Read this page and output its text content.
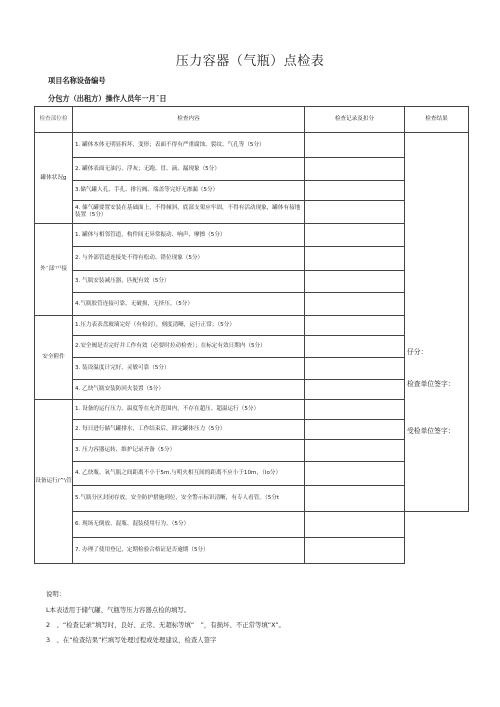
压力容器（气瓶）点检表
项目名称设备编号
分包方（出租方）操作人员年一月ˉ日
检查部位检	检查内容	检查记录及扣分	检查结果
罐体状况g	1. 罐体本体无明显拆坏、变形；表面不得有严重腐蚀、裂纹、气孔等（5分）		仔分：
检查单位签字：
受检单位签字：

	2. 罐体表面无油污、浮灰；无跑、冒、滴、漏现象（5分）		
	3.储气罐人孔、手孔、排污阀、端盖等完好无渗漏（5分）		
	4. 储气罐要置安装在基础面上，不得倾斜，底部支架应牢固，不得有活动现象，罐体有接地装置（5分）		
外ˉ部ʼ⁾ˤˀ接	1. 罐体与相邻管道，构件间无异常振动、响声、摩擦（5分）		
	2. 与外部管道连接处不得有松动、错位现象（5分）		
	3. 气瓶安装减压器，匹配有效（5分）		
	4.气瓶胶管连接可靠，无破损，无挤压。（5分）		
安全附件	1.压力表表盘玻璃完好（有检封），刻度清晰，运行正常；（5分）		
	2.安全阀是否完好并工作有效（必要时拉动检查）；在标定有效日期内（5分）		
	3. 装设温度计完好、灵敏可靠（5分）		
	4. 乙炔气瓶安装防回火装置（5分）		
设备运行/^\管	1. 设备的运行压力、温度等在允许范围内，不存在超压、超温运行（5分）		
	2. 每日进行储气罐排水，工作结束后，卸完罐体压力（5分）		
	3. 压力容器运转、维护记录齐备（5分）		
	4. 乙炔瓶、氧气瓶之间距离不小于5m,与明火相互间的距离不应小于10m，（lo分）		
	5.气瓶分区封闭存放，安全防护措施到位，安全警示标识清晰，有专人看管。（5分t		
	6. 现场无倒放、混瓶、混装使用行为。（5分）		
	7. 办理了使用登记，定期检验合格证是否逾期（5分）		
说明：
L本表适用于储气罐、气瓶等压力容器点检的填写。
2　、“检查记录”填写时，良好、正常、无超标等填“　”，有损坏、不正常等填“X”。
3　、在“检查结果”栏填写处理过程或处理建议，检查人签字
